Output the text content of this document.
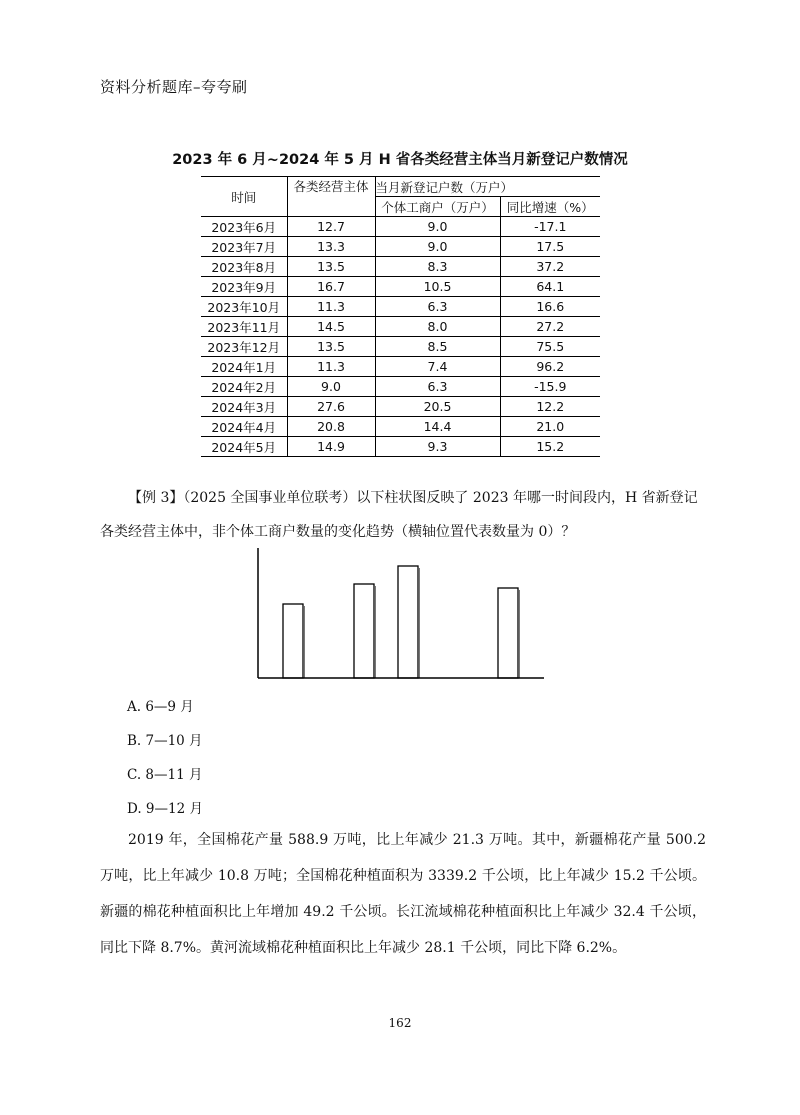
资料分析题库–夸夸刷
2023 年 6 月~2024 年 5 月 H 省各类经营主体当月新登记户数情况
时间	各类经营主体	当月新登记户数（万户）	
		个体工商户（万户）	同比增速（%）
2023年6月	12.7	9.0	-17.1
2023年7月	13.3	9.0	17.5
2023年8月	13.5	8.3	37.2
2023年9月	16.7	10.5	64.1
2023年10月	11.3	6.3	16.6
2023年11月	14.5	8.0	27.2
2023年12月	13.5	8.5	75.5
2024年1月	11.3	7.4	96.2
2024年2月	9.0	6.3	-15.9
2024年3月	27.6	20.5	12.2
2024年4月	20.8	14.4	21.0
2024年5月	14.9	9.3	15.2

【例 3】（2025 全国事业单位联考）以下柱状图反映了 2023 年哪一时间段内，H 省新登记

各类经营主体中，非个体工商户数量的变化趋势（横轴位置代表数量为 0）？

A. 6—9 月
B. 7—10 月
C. 8—11 月
D. 9—12 月

2019 年，全国棉花产量 588.9 万吨，比上年减少 21.3 万吨。其中，新疆棉花产量 500.2 万吨，比上年减少 10.8 万吨；全国棉花种植面积为 3339.2 千公顷，比上年减少 15.2 千公顷。新疆的棉花种植面积比上年增加 49.2 千公顷。长江流域棉花种植面积比上年减少 32.4 千公顷，同比下降 8.7%。黄河流域棉花种植面积比上年减少 28.1 千公顷，同比下降 6.2%。

162
